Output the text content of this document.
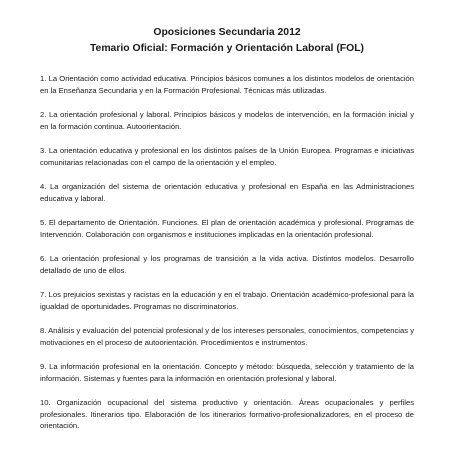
Oposiciones Secundaria 2012
Temario Oficial: Formación y Orientación Laboral (FOL)
1. La Orientación como actividad educativa. Principios básicos comunes a los distintos modelos de orientación en la Enseñanza Secundaria y en la Formación Profesional. Técnicas más utilizadas.
2. La orientación profesional y laboral. Principios básicos y modelos de intervención, en la formación inicial y en la formación continua. Autoorientación.
3. La orientación educativa y profesional en los distintos países de la Unión Europea. Programas e iniciativas comunitarias relacionadas con el campo de la orientación y el empleo.
4. La organización del sistema de orientación educativa y profesional en España en las Administraciones educativa y laboral.
5. El departamento de Orientación. Funciones. El plan de orientación académica y profesional. Programas de Intervención. Colaboración con organismos e instituciones implicadas en la orientación profesional.
6. La orientación profesional y los programas de transición a la vida activa. Distintos modelos. Desarrollo detallado de uno de ellos.
7. Los prejuicios sexistas y racistas en la educación y en el trabajo. Orientación académico-profesional para la igualdad de oportunidades. Programas no discriminatorios.
8. Análisis y evaluación del potencial profesional y de los intereses personales, conocimientos, competencias y motivaciones en el proceso de autoorientación. Procedimientos e instrumentos.
9. La información profesional en la orientación. Concepto y método: búsqueda, selección y tratamiento de la información. Sistemas y fuentes para la información en orientación profesional y laboral.
10. Organización ocupacional del sistema productivo y orientación. Áreas ocupacionales y perfiles profesionales. Itinerarios tipo. Elaboración de los itinerarios formativo-profesionalizadores, en el proceso de orientación.
